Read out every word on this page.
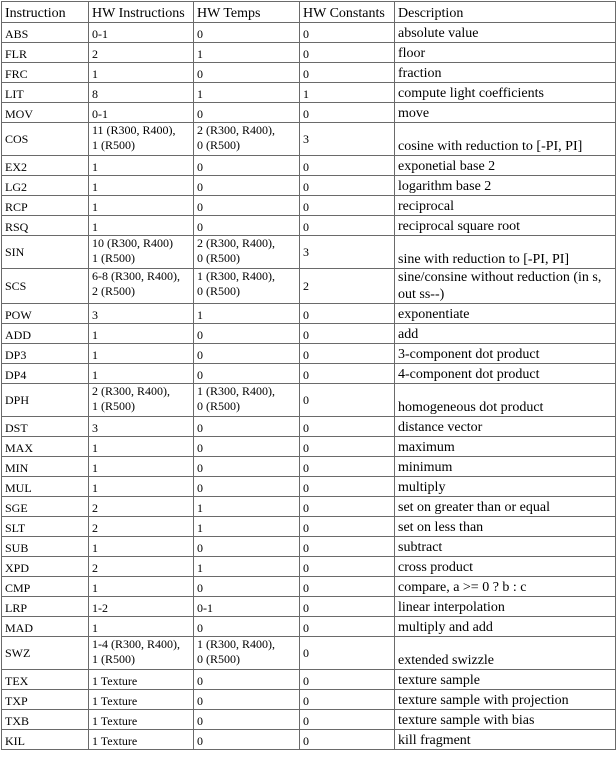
Instruction	HW Instructions	HW Temps	HW Constants	Description
ABS	0-1	0	0	absolute value
FLR	2	1	0	floor
FRC	1	0	0	fraction
LIT	8	1	1	compute light coefficients
MOV	0-1	0	0	move
COS	11 (R300, R400),
1 (R500)	2 (R300, R400),
0 (R500)	3	cosine with reduction to [-PI, PI]
EX2	1	0	0	exponetial base 2
LG2	1	0	0	logarithm base 2
RCP	1	0	0	reciprocal
RSQ	1	0	0	reciprocal square root
SIN	10 (R300, R400)
1 (R500)	2 (R300, R400),
0 (R500)	3	sine with reduction to [-PI, PI]
SCS	6-8 (R300, R400),
2 (R500)	1 (R300, R400),
0 (R500)	2	sine/consine without reduction (in s, out ss--)
POW	3	1	0	exponentiate
ADD	1	0	0	add
DP3	1	0	0	3-component dot product
DP4	1	0	0	4-component dot product
DPH	2 (R300, R400),
1 (R500)	1 (R300, R400),
0 (R500)	0	homogeneous dot product
DST	3	0	0	distance vector
MAX	1	0	0	maximum
MIN	1	0	0	minimum
MUL	1	0	0	multiply
SGE	2	1	0	set on greater than or equal
SLT	2	1	0	set on less than
SUB	1	0	0	subtract
XPD	2	1	0	cross product
CMP	1	0	0	compare, a >= 0 ? b : c
LRP	1-2	0-1	0	linear interpolation
MAD	1	0	0	multiply and add
SWZ	1-4 (R300, R400),
1 (R500)	1 (R300, R400),
0 (R500)	0	extended swizzle
TEX	1 Texture	0	0	texture sample
TXP	1 Texture	0	0	texture sample with projection
TXB	1 Texture	0	0	texture sample with bias
KIL	1 Texture	0	0	kill fragment
